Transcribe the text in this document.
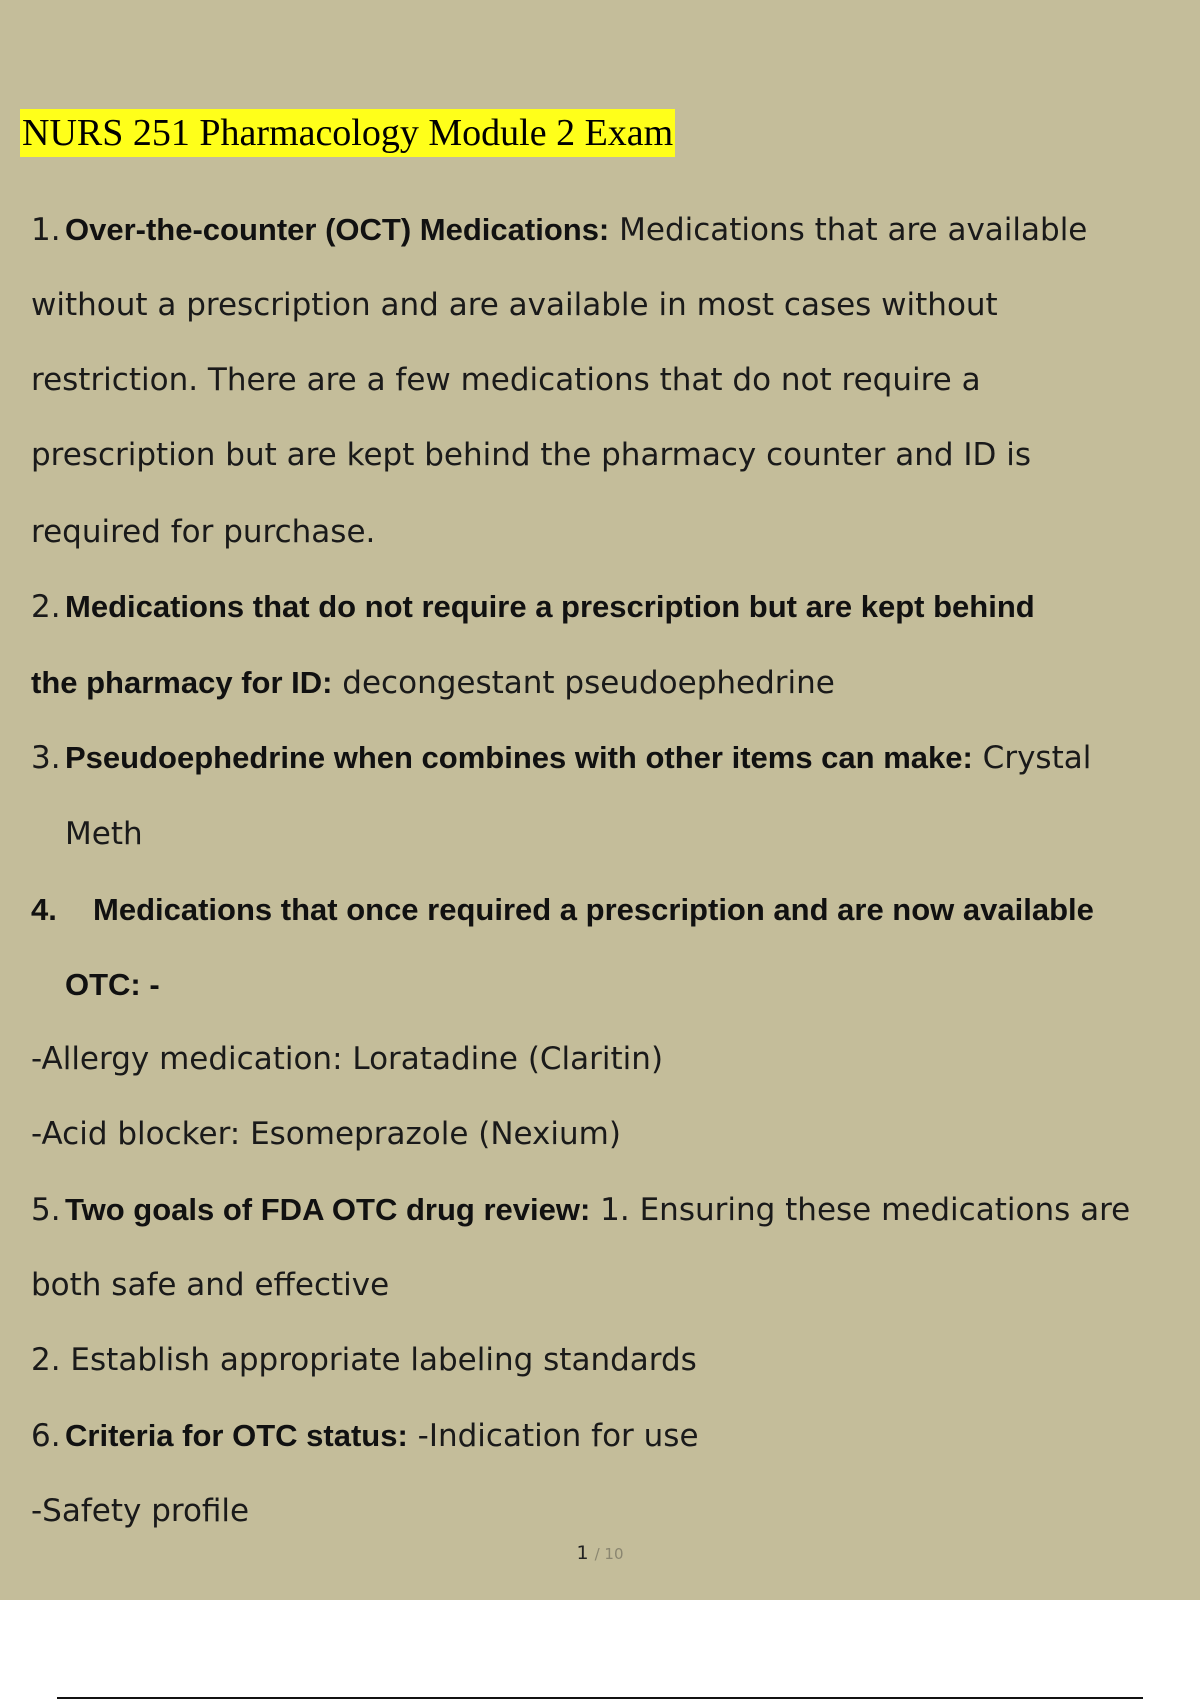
NURS 251 Pharmacology Module 2 Exam
1. Over-the-counter (OCT) Medications: Medications that are available
without a prescription and are available in most cases without
restriction. There are a few medications that do not require a
prescription but are kept behind the pharmacy counter and ID is
required for purchase.
2. Medications that do not require a prescription but are kept behind
the pharmacy for ID: decongestant pseudoephedrine
3. Pseudoephedrine when combines with other items can make: Crystal
Meth
4. Medications that once required a prescription and are now available
OTC: -
-Allergy medication: Loratadine (Claritin)
-Acid blocker: Esomeprazole (Nexium)
5. Two goals of FDA OTC drug review: 1. Ensuring these medications are
both safe and effective
2. Establish appropriate labeling standards
6. Criteria for OTC status: -Indication for use
-Safety profile
1 / 10
